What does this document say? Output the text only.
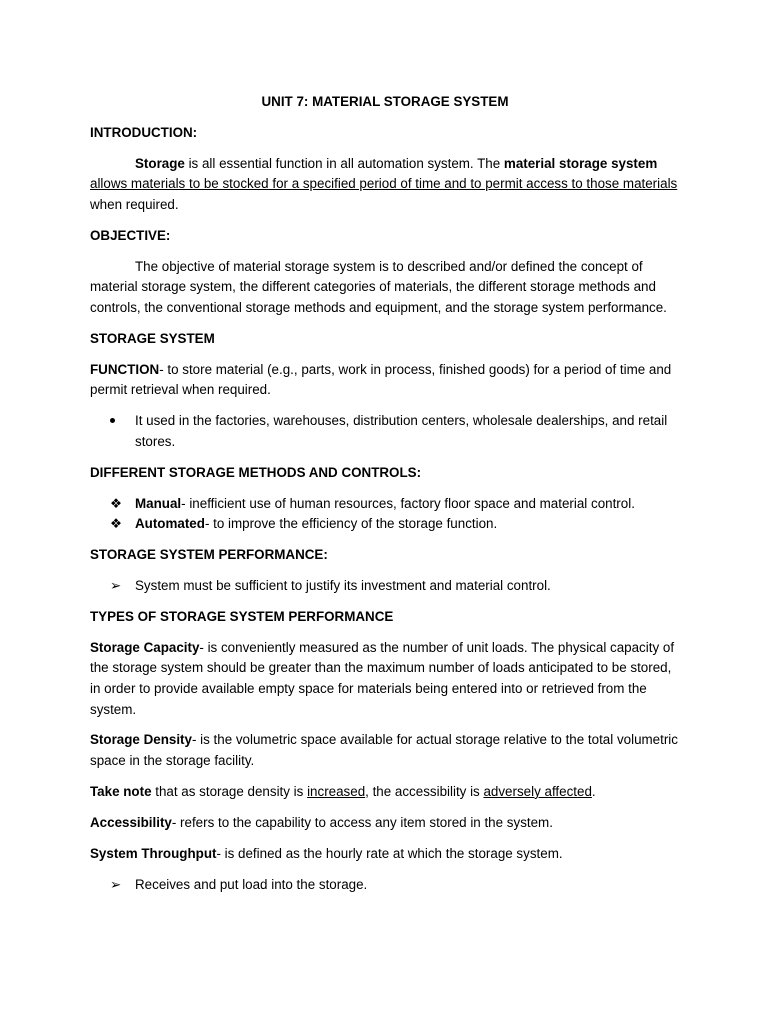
UNIT 7: MATERIAL STORAGE SYSTEM

INTRODUCTION:

Storage is all essential function in all automation system. The material storage system allows materials to be stocked for a specified period of time and to permit access to those materials when required.

OBJECTIVE:

The objective of material storage system is to described and/or defined the concept of material storage system, the different categories of materials, the different storage methods and controls, the conventional storage methods and equipment, and the storage system performance.

STORAGE SYSTEM

FUNCTION- to store material (e.g., parts, work in process, finished goods) for a period of time and permit retrieval when required.

It used in the factories, warehouses, distribution centers, wholesale dealerships, and retail stores.

DIFFERENT STORAGE METHODS AND CONTROLS:

❖ Manual- inefficient use of human resources, factory floor space and material control.
❖ Automated- to improve the efficiency of the storage function.

STORAGE SYSTEM PERFORMANCE:

➢	System must be sufficient to justify its investment and material control.

TYPES OF STORAGE SYSTEM PERFORMANCE

Storage Capacity- is conveniently measured as the number of unit loads. The physical capacity of the storage system should be greater than the maximum number of loads anticipated to be stored, in order to provide available empty space for materials being entered into or retrieved from the system.

Storage Density- is the volumetric space available for actual storage relative to the total volumetric space in the storage facility.

Take note that as storage density is increased, the accessibility is adversely affected.

Accessibility- refers to the capability to access any item stored in the system.

System Throughput- is defined as the hourly rate at which the storage system.

➢	Receives and put load into the storage.
